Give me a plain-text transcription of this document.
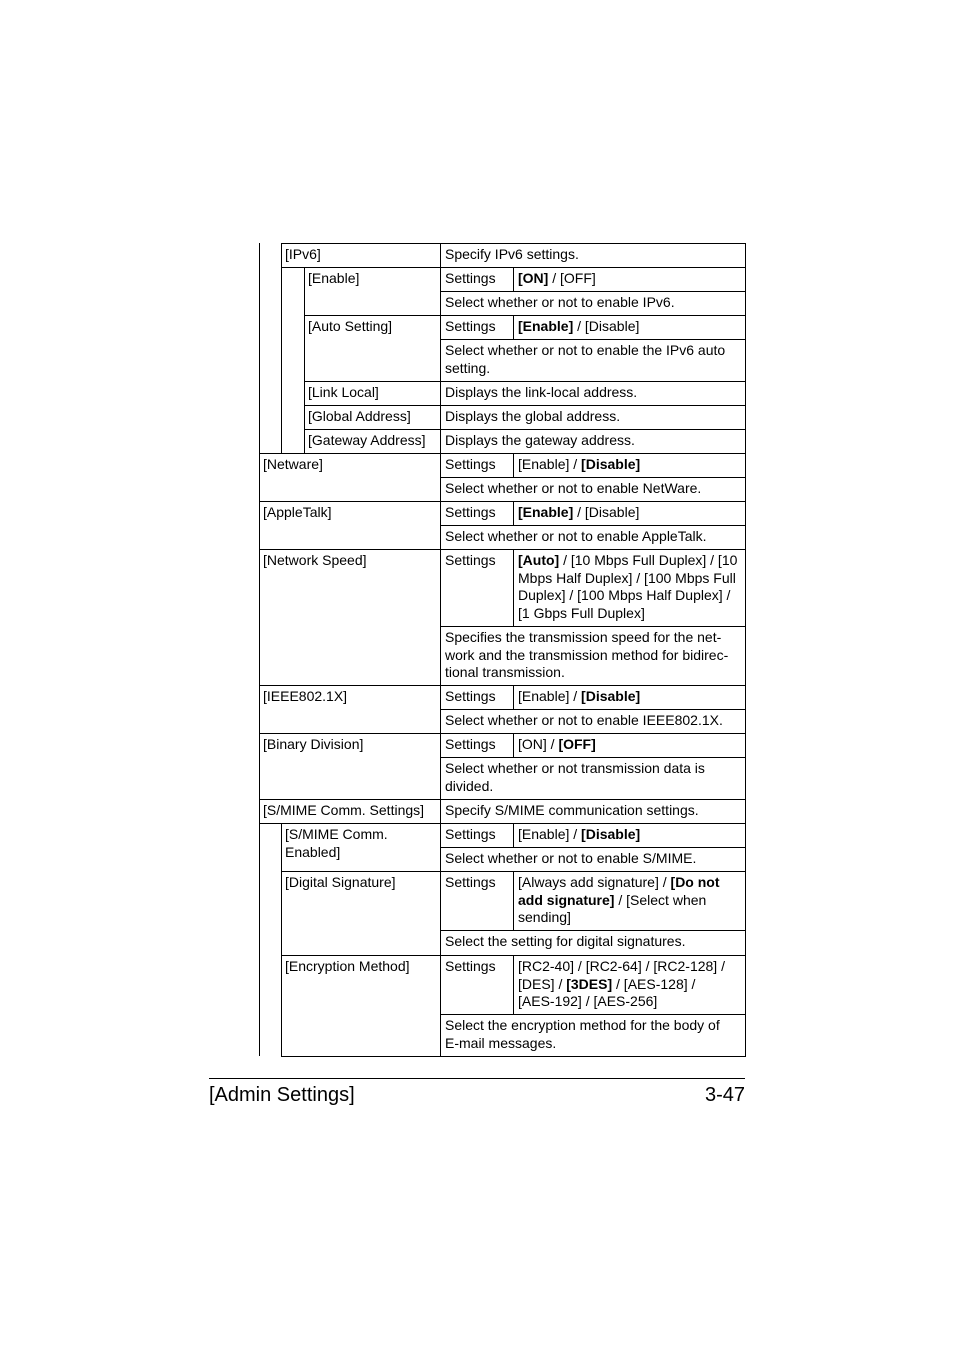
[IPv6]	Specify IPv6 settings.
[Enable]	Settings [ON] / [OFF]
Select whether or not to enable IPv6.
[Auto Setting]	Settings [Enable] / [Disable]
Select whether or not to enable the IPv6 auto
setting.
[Link Local]	Displays the link-local address.
[Global Address] Displays the global address.
[Gateway Address] Displays the gateway address.
[Netware]	Settings [Enable] / [Disable]
Select whether or not to enable NetWare.
[AppleTalk]	Settings [Enable] / [Disable]
Select whether or not to enable AppleTalk.
[Network Speed]	Settings [Auto] / [10 Mbps Full Duplex] / [10
Mbps Half Duplex] / [100 Mbps Full
Duplex] / [100 Mbps Half Duplex] /
[1 Gbps Full Duplex]
Specifies the transmission speed for the net-
work and the transmission method for bidirec-
tional transmission.
[IEEE802.1X]	Settings [Enable] / [Disable]
Select whether or not to enable IEEE802.1X.
[Binary Division]	Settings [ON] / [OFF]
Select whether or not transmission data is
divided.
[S/MIME Comm. Settings] Specify S/MIME communication settings.
[S/MIME Comm.
Enabled]
Settings [Enable] / [Disable]
Select whether or not to enable S/MIME.
[Digital Signature]	Settings [Always add signature] / [Do not
add signature] / [Select when
sending]
Select the setting for digital signatures.
[Encryption Method]	Settings [RC2-40] / [RC2-64] / [RC2-128] /
[DES] / [3DES] / [AES-128] /
[AES-192] / [AES-256]
Select the encryption method for the body of
E-mail messages.
[Admin Settings]	3-47
